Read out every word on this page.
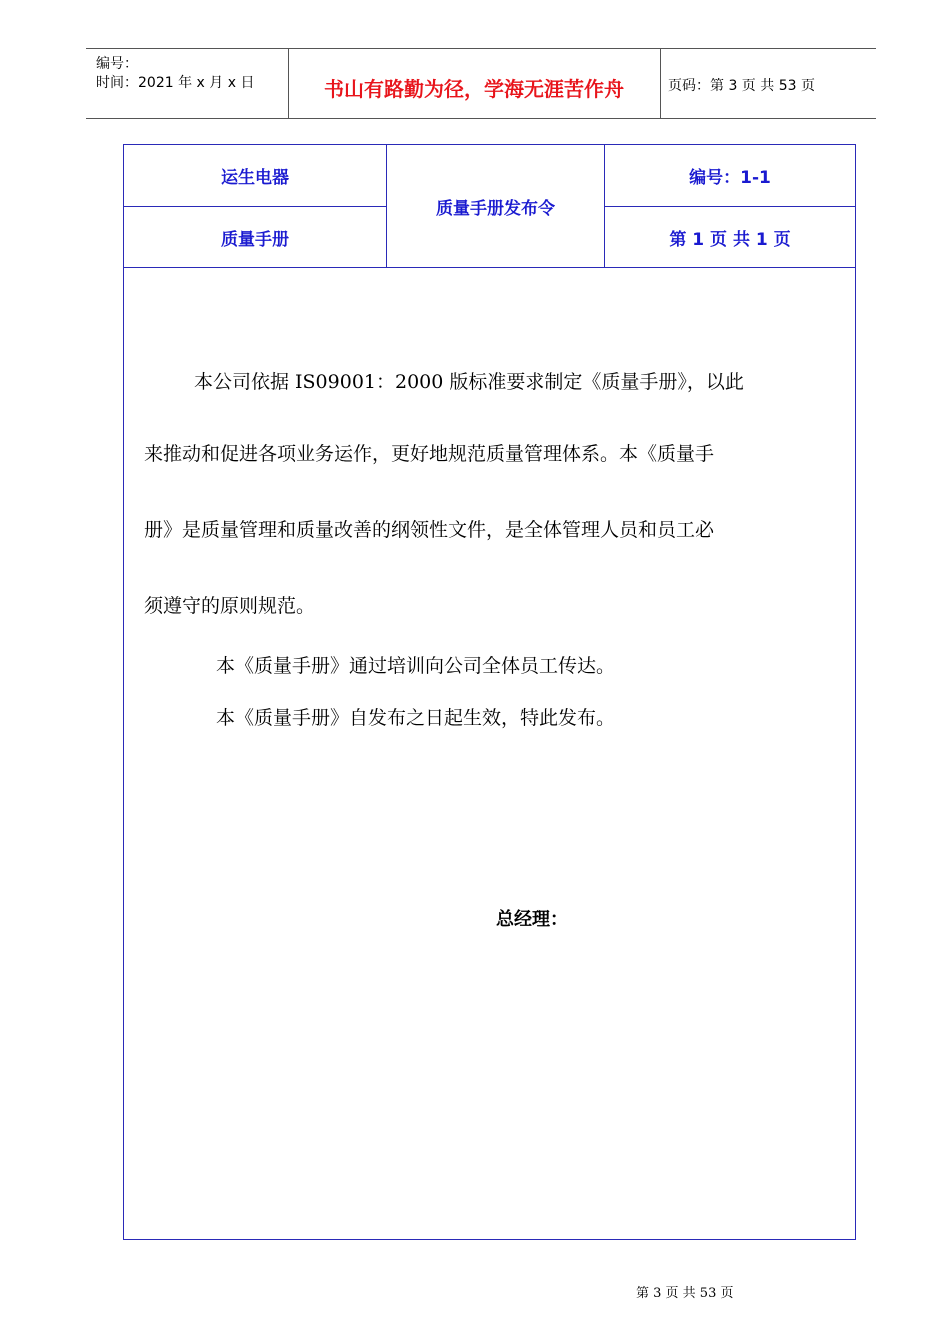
编号：
时间：2021 年 x 月 x 日	书山有路勤为径，学海无涯苦作舟	页码：第 3 页 共 53 页
运生电器
质量手册
质量手册发布令
编号：1-1
第 1 页 共 1 页
本公司依据 IS09001：2000 版标准要求制定《质量手册》，以此
来推动和促进各项业务运作，更好地规范质量管理体系。本《质量手
册》是质量管理和质量改善的纲领性文件，是全体管理人员和员工必
须遵守的原则规范。
本《质量手册》通过培训向公司全体员工传达。
本《质量手册》自发布之日起生效，特此发布。
总经理：
第 3 页 共 53 页
